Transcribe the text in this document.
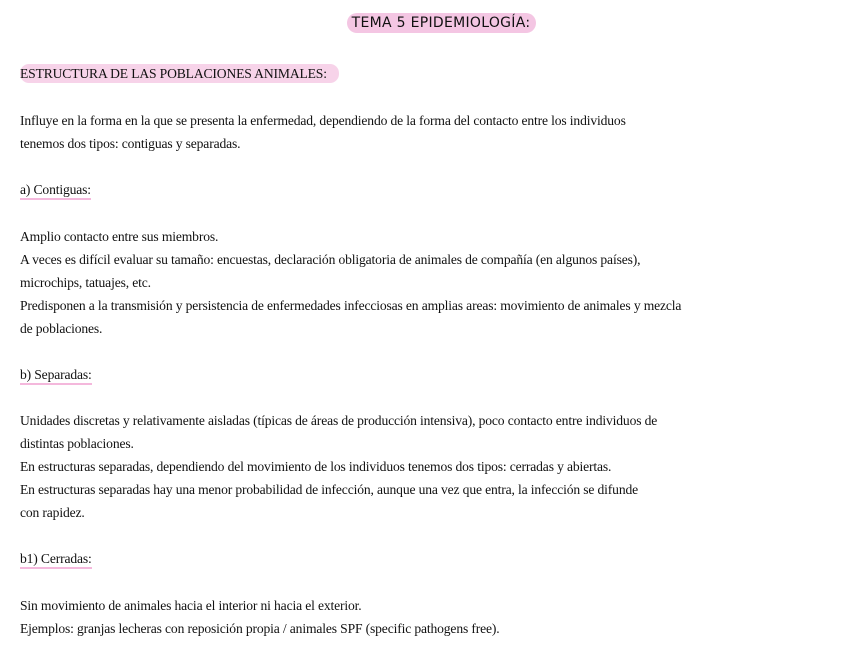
TEMA 5 EPIDEMIOLOGÍA:
ESTRUCTURA DE LAS POBLACIONES ANIMALES:
Influye en la forma en la que se presenta la enfermedad, dependiendo de la forma del contacto entre los individuos
tenemos dos tipos: contiguas y separadas.
a) Contiguas:
Amplio contacto entre sus miembros.
A veces es difícil evaluar su tamaño: encuestas, declaración obligatoria de animales de compañía (en algunos países),
microchips, tatuajes, etc.
Predisponen a la transmisión y persistencia de enfermedades infecciosas en amplias areas: movimiento de animales y mezcla
de poblaciones.
b) Separadas:
Unidades discretas y relativamente aisladas (típicas de áreas de producción intensiva), poco contacto entre individuos de
distintas poblaciones.
En estructuras separadas, dependiendo del movimiento de los individuos tenemos dos tipos: cerradas y abiertas.
En estructuras separadas hay una menor probabilidad de infección, aunque una vez que entra, la infección se difunde
con rapidez.
b1) Cerradas:
Sin movimiento de animales hacia el interior ni hacia el exterior.
Ejemplos: granjas lecheras con reposición propia / animales SPF (specific pathogens free).
